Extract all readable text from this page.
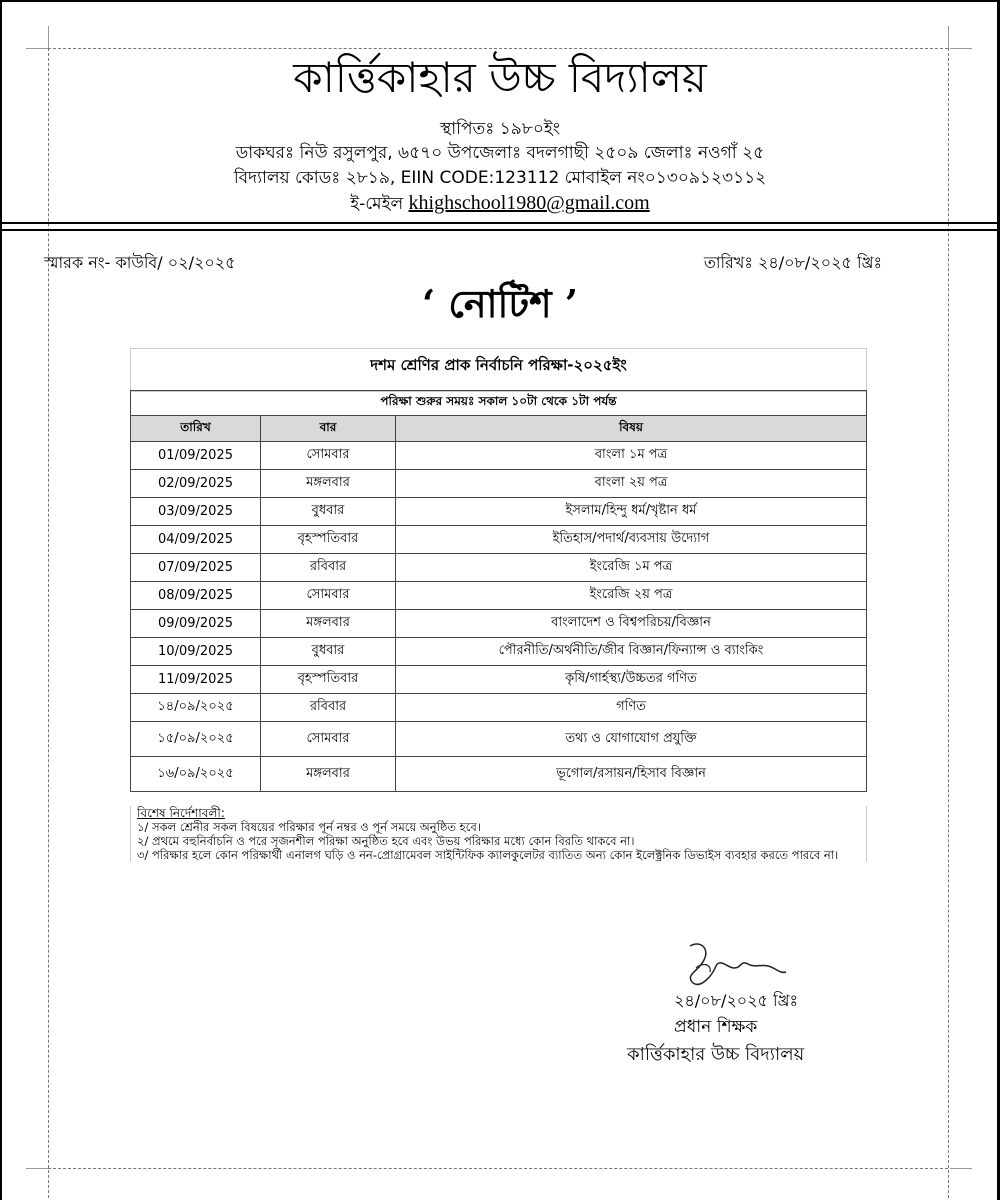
কার্ত্তিকাহার উচ্চ বিদ্যালয়
স্থাপিতঃ ১৯৮০ইং
ডাকঘরঃ নিউ রসুলপুর, ৬৫৭০ উপজেলাঃ বদলগাছী ২৫০৯ জেলাঃ নওগাঁ ২৫
বিদ্যালয় কোডঃ ২৮১৯, EIIN CODE:123112 মোবাইল নং০১৩০৯১২৩১১২
ই-মেইল khighschool1980@gmail.com
স্মারক নং- কাউবি/ ০২/২০২৫	তারিখঃ ২৪/০৮/২০২৫ খ্রিঃ
‘ নোটিশ ’
দশম শ্রেণির প্রাক নির্বাচনি পরিক্ষা-২০২৫ইং
পরিক্ষা শুরুর সময়ঃ সকাল ১০টা থেকে ১টা পর্যন্ত		
তারিখ	বার	বিষয়
01/09/2025	সোমবার	বাংলা ১ম পত্র
02/09/2025	মঙ্গলবার	বাংলা ২য় পত্র
03/09/2025	বুধবার	ইসলাম/হিন্দু ধর্ম/খৃষ্টান ধর্ম
04/09/2025	বৃহস্পতিবার	ইতিহাস/পদার্থ/ব্যবসায় উদ্যোগ
07/09/2025	রবিবার	ইংরেজি ১ম পত্র
08/09/2025	সোমবার	ইংরেজি ২য় পত্র
09/09/2025	মঙ্গলবার	বাংলাদেশ ও বিশ্বপরিচয়/বিজ্ঞান
10/09/2025	বুধবার	পৌরনীতি/অর্থনীতি/জীব বিজ্ঞান/ফিন্যান্স ও ব্যাংকিং
11/09/2025	বৃহস্পতিবার	কৃষি/গার্হস্থ্য/উচ্চতর গণিত
১৪/০৯/২০২৫	রবিবার	গণিত
১৫/০৯/২০২৫	সোমবার	তথ্য ও যোগাযোগ প্রযুক্তি
১৬/০৯/২০২৫	মঙ্গলবার	ভূগোল/রসায়ন/হিসাব বিজ্ঞান
বিশেষ নির্দেশাবলী:
১/ সকল শ্রেনীর সকল বিষয়ের পরিক্ষার পূর্ন নম্বর ও পূর্ন সময়ে অনুষ্ঠিত হবে।
২/ প্রথমে বহুনির্বাচনি ও পরে সৃজনশীল পরিক্ষা অনুষ্ঠিত হবে এবং উভয় পরিক্ষার মধ্যে কোন বিরতি থাকবে না।
৩/ পরিক্ষার হলে কোন পরিক্ষার্থী এনালগ ঘড়ি ও নন-প্রোগ্রামেবল সাইন্টিফিক ক্যালকুলেটর ব্যাতিত অন্য কোন ইলেক্ট্রনিক ডিভাইস ব্যবহার করতে পারবে না।
২৪/০৮/২০২৫ খ্রিঃ
প্রধান শিক্ষক
কার্ত্তিকাহার উচ্চ বিদ্যালয়
